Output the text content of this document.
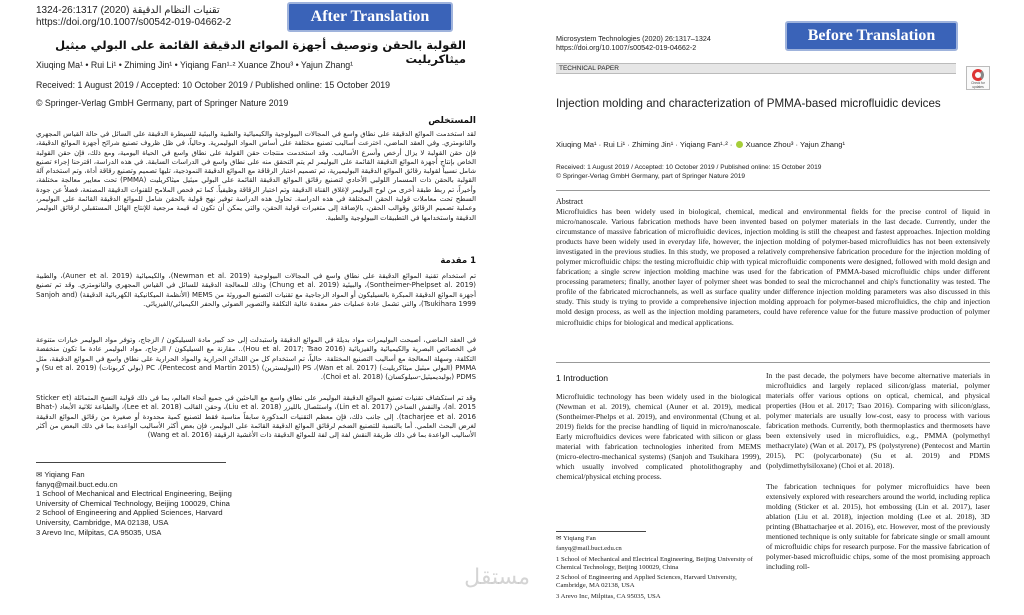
تقنيات النظام الدقيقة (2020) 26:1317-1324
https://doi.org/10.1007/s00542-019-04662-2	After Translation
القولبة بالحقن وتوصيف أجهزة الموائع الدقيقة القائمة على البولي ميثيل ميثاكريليت
Xiuqing Ma¹ • Rui Li¹ • Zhiming Jin¹ • Yiqiang Fan¹·² Xuance Zhou³ • Yajun Zhang¹
Received: 1 August 2019 / Accepted: 10 October 2019 / Published online: 15 October 2019
© Springer-Verlag GmbH Germany, part of Springer Nature 2019
المستخلص
لقد استخدمت الموائع الدقيقة على نطاق واسع في المجالات البيولوجية والكيميائية والطبية والبيئية للسيطرة الدقيقة على السائل في حالة القياس المجهري والنانومتري. وفي العقد الماضي، اخترعت أساليب تصنيع مختلفة على أساس المواد البوليمرية. وحالياً، في ظل ظروف تصنيع شرائح أجهزة الموائع الدقيقة، فإن حقن القولبة لا يزال أرخص وأسرع الأساليب. وقد استخدمت منتجات حقن القولبة على نطاق واسع في الحياة اليومية، ومع ذلك، فإن حقن القولبة الخاص بإنتاج أجهزة الموائع الدقيقة القائمة على البوليمر لم يتم التحقق منه على نطاق واسع في الدراسات السابقة. في هذه الدراسة، اقترحنا إجراء تصنيع شامل نسبياً لقولبة رقائق الموائع الدقيقة البوليميرية، تم تصميم اختبار الرقاقة مع الموائع الدقيقة النموذجية، تليها تصميم وتصنيع رقاقة أداة، وتم استخدام آلة القولبة بالحقن ذات المسمار اللولبي الأحادي لتصنيع رقائق الموائع الدقيقة القائمة على البولي ميثيل ميثاكريليت (PMMA) تحت معايير معالجة مختلفة، وأخيراً، تم ربط طبقة أخرى من لوح البوليمر لإغلاق القناة الدقيقة وتم اختبار الرقاقة وظيفياً. كما تم فحص الملامح للقنوات الدقيقة المصنعة، فضلاً عن جودة السطح تحت معاملات قولبة الحقن المختلفة في هذه الدراسة. تحاول هذه الدراسة توفير نهج قولبة بالحقن شامل للموائع الدقيقة القائمة على البوليمر، وعملية تصميم الرقائق وقوالب الحقن، بالإضافة إلى متغيرات قولبة الحقن، والتي يمكن أن تكون له قيمة مرجعية للإنتاج الهائل المستقبلي لرقائق البوليمر الدقيقة واستخدامها في التطبيقات البيولوجية والطبية.
1 مقدمة
تم استخدام تقنية الموائع الدقيقة على نطاق واسع في المجالات البيولوجية (Newman et al. 2019)، والكيميائية (Auner et al. 2019)، والطبية (Sontheimer-Phelpset al. 2019)، والبيئية (Chung et al. 2019) وذلك للمعالجة الدقيقة للسائل في القياس المجهري والنانومتري. وقد تم تصنيع أجهزة الموائع الدقيقة المبكرة بالسيليكون أو المواد الزجاجية مع تقنيات التصنيع الموروثة من MEMS (الأنظمة الميكانيكية الكهربائية الدقيقة) (Sanjoh and Tsukihara 1999)، والتي تشمل عادة عمليات حفر معقدة عالية التكلفة والتصوير الضوئي والحفر الكيميائي/الفيزيائي.
في العقد الماضي، أصبحت البوليمرات مواد بديلة في الموائع الدقيقة واستبدلت إلى حد كبير مادة السيليكون / الزجاج، وتوفر مواد البوليمر خيارات متنوعة في الخصائص البصرية والكيميائية والفيزيائية (Hou et al. 2017; Tsao 2016).. مقارنة مع السيليكون / الزجاج، مواد البوليمر عادة ما تكون منخفضة التكلفة، وسهلة المعالجة مع أساليب التصنيع المختلفة. حالياً، تم استخدام كل من اللدائن الحرارية والمواد الحرارية على نطاق واسع في الموائع الدقيقة، مثل PMMA (البولي ميثيل ميثاكريليت) (Wan et al. 2017)، PS (البوليسترين) (Pentecost and Martin 2015)، PC (بولي كربونات) (Su et al. 2019) و PDMS (بوليديميثيل-سيلوكسان) (Choi et al. 2018).
وقد تم استكشاف تقنيات تصنيع الموائع الدقيقة البوليمر على نطاق واسع مع الباحثين في جميع أنحاء العالم، بما في ذلك قولبة النسخ المتماثلة (Sticker et al. 2015)، والنقش الساخن (Lin et al. 2017)، واستئصال بالليزر (Liu et al. 2018)، وحقن القالب (Lee et al. 2018)، والطباعة ثلاثية الأبعاد (Bhat-tacharjee et al. 2016). إلى جانب ذلك، فإن معظم التقنيات المذكورة سابقاً مناسبة فقط لتصنيع كمية محدودة أو صغيرة من رقائق الموائع الدقيقة لغرض البحث العلمي. أما بالنسبة للتصنيع الضخم لرقائق الموائع الدقيقة القائمة على البوليمر، فإن بعض أكثر الأساليب الواعدة بما في ذلك البعض من أكثر الأساليب الواعدة بما في ذلك طريقة النقش لفة إلى لفة للموائع الدقيقة ذات الأغشية الرقيقة (Wang et al. 2016)
✉ Yiqiang Fan
fanyq@mail.buct.edu.cn
1 School of Mechanical and Electrical Engineering, Beijing
University of Chemical Technology, Beijing 100029, China
2 School of Engineering and Applied Sciences, Harvard
University, Cambridge, MA 02138, USA
3 Arevo Inc, Milpitas, CA 95035, USA
Microsystem Technologies (2020) 26:1317–1324
https://doi.org/10.1007/s00542-019-04662-2
Before Translation
TECHNICAL PAPER
Check for updates
Injection molding and characterization of PMMA-based microfluidic devices
Xiuqing Ma¹ · Rui Li¹ · Zhiming Jin¹ · Yiqiang Fan¹·² ·  Xuance Zhou³ · Yajun Zhang¹
Received: 1 August 2019 / Accepted: 10 October 2019 / Published online: 15 October 2019
© Springer-Verlag GmbH Germany, part of Springer Nature 2019
Abstract
Microfluidics has been widely used in biological, chemical, medical and environmental fields for the precise control of liquid in micro/nanoscale. Various fabrication methods have been invented based on polymer materials in the last decade. Currently, under the circumstance of massive fabrication of microfluidic devices, injection molding is still the cheapest and fastest approaches. Injection molding products have been widely used in everyday life, however, the injection molding of polymer-based microfluidics has not been extensively investigated in the previous studies. In this study, we proposed a relatively comprehensive fabrication procedure for the injection molding of polymer microfluidic chips: the testing microfluidic chip with typical microfluidic components were designed, followed with mold design and fabrication; a single screw injection molding machine was used for the fabrication of PMMA-based microfluidic chips under different processing parameters; finally, another layer of polymer sheet was bonded to seal the microchannel and chip's functionality was tested. The profile of the fabricated microchannels, as well as surface quality under difference injection molding parameters was also discussed in this study. This study is trying to provide a comprehensive injection molding approach for polymer-based microfluidics, the chip and injection mold design process, as well as the injection molding parameters, could have reference value for the future massive production of polymer microfluidic chips for biological and medical applications.
1 Introduction
Microfluidic technology has been widely used in the biological (Newman et al. 2019), chemical (Auner et al. 2019), medical (Sontheimer-Phelps et al. 2019), and environmental (Chung et al. 2019) fields for the precise handling of liquid in micro/nanoscale. Early microfluidics devices were fabricated with silicon or glass material with fabrication technologies inherited from MEMS (micro-electro-mechanical systems) (Sanjoh and Tsukihara 1999), which usually involved complicated photolithography and chemical/physical etching process.
In the past decade, the polymers have become alternative materials in microfluidics and largely replaced silicon/glass material, polymer materials offer various options on optical, chemical, and physical properties (Hou et al. 2017; Tsao 2016). Comparing with silicon/glass, polymer materials are usually low-cost, easy to process with various fabrication methods. Currently, both thermoplastics and thermosets have been extensively used in microfluidics, e.g., PMMA (polymethyl methacrylate) (Wan et al. 2017), PS (polystyrene) (Pentecost and Martin 2015), PC (polycarbonate) (Su et al. 2019) and PDMS (polydimethylsiloxane) (Choi et al. 2018).

The fabrication techniques for polymer microfluidics have been extensively explored with researchers around the world, including replica molding (Sticker et al. 2015), hot embossing (Lin et al. 2017), laser ablation (Liu et al. 2018), injection molding (Lee et al. 2018), 3D printing (Bhattacharjee et al. 2016), etc. However, most of the previously mentioned technique is only suitable for fabricate single or small amount of microfluidic chips for research purpose. For the massive fabrication of polymer-based microfluidic chips, some of the most promising approach including roll-

✉ Yiqiang Fan

fanyq@mail.buct.edu.cn

1 School of Mechanical and Electrical Engineering, Beijing University of Chemical Technology, Beijing 100029, China

2 School of Engineering and Applied Sciences, Harvard University, Cambridge, MA 02138, USA

3 Arevo Inc, Milpitas, CA 95035, USA

مستقل
